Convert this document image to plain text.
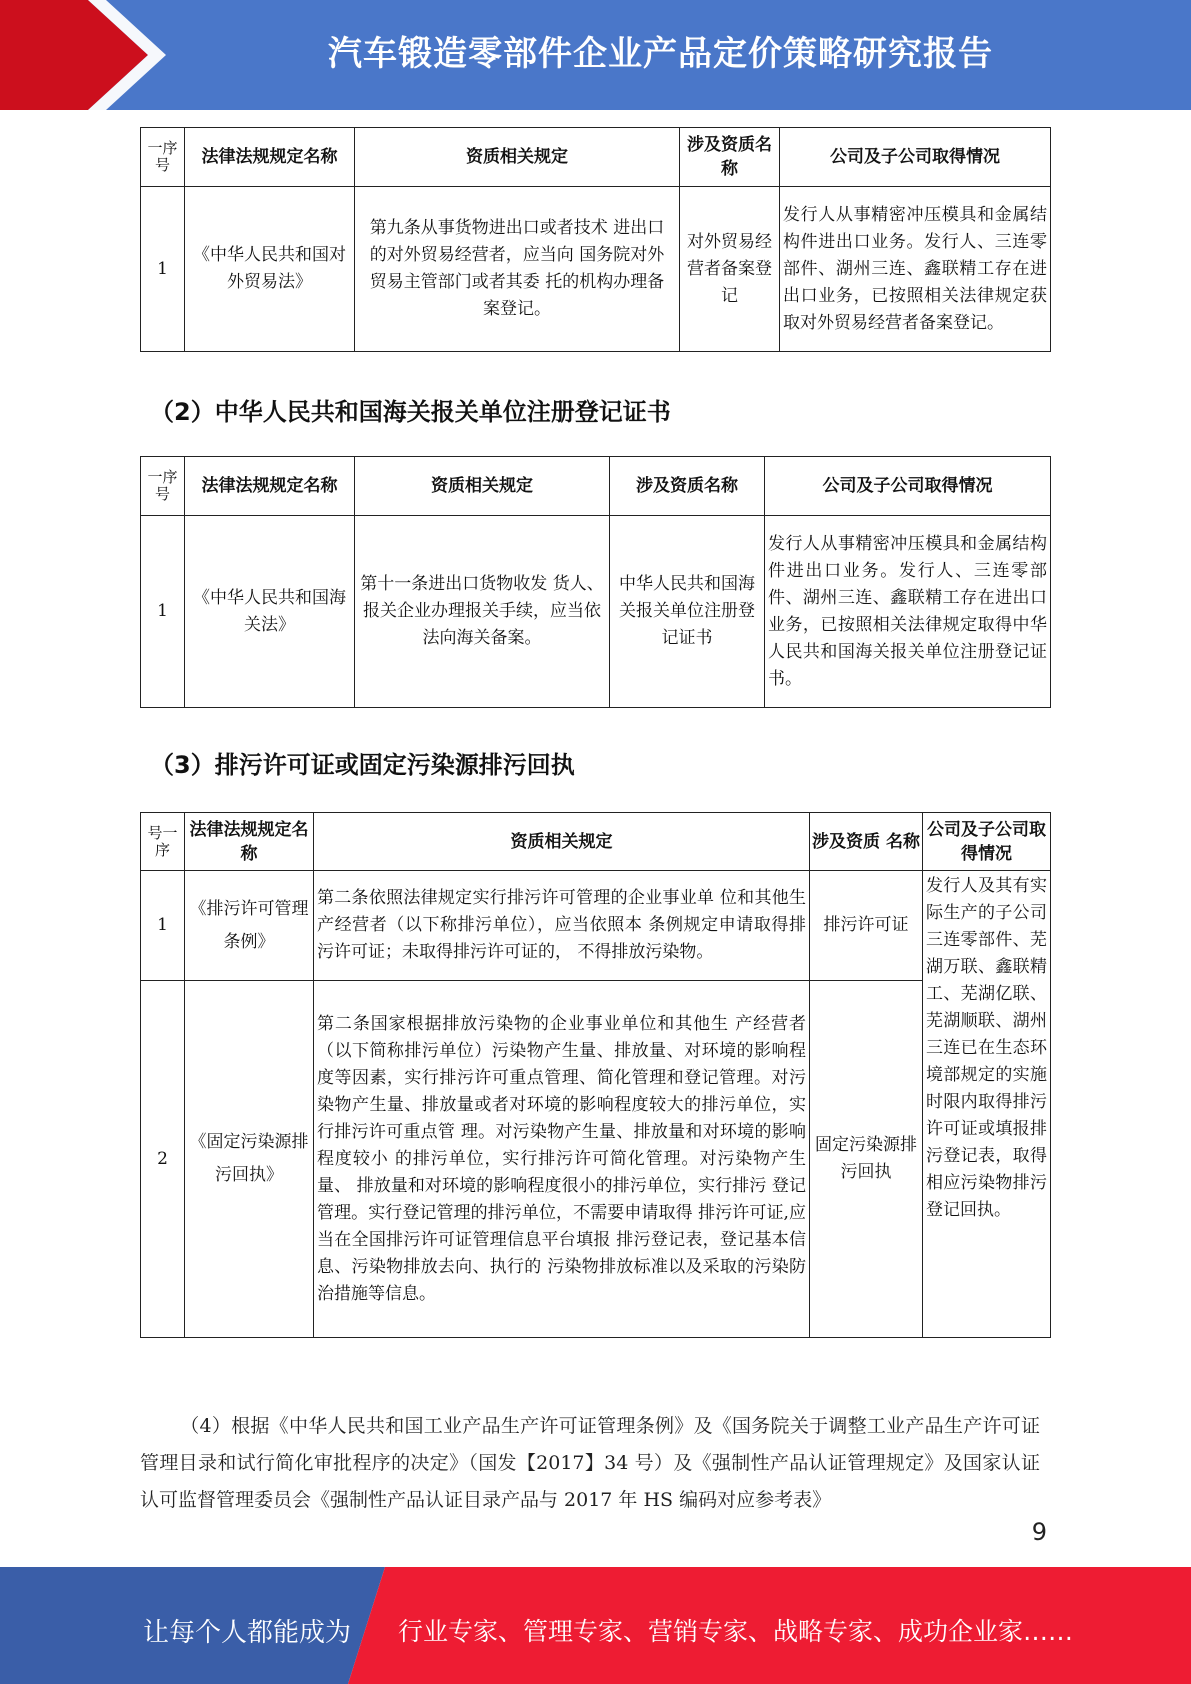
汽车锻造零部件企业产品定价策略研究报告
一序号	法律法规规定名称	资质相关规定	涉及资质名称	公司及子公司取得情况
1	《中华人民共和国对外贸易法》	第九条从事货物进出口或者技术 进出口的对外贸易经营者，应当向 国务院对外贸易主管部门或者其委 托的机构办理备案登记。	对外贸易经营者备案登记	发行人从事精密冲压模具和金属结构件进出口业务。发行人、三连零部件、湖州三连、鑫联精工存在进出口业务，已按照相关法律规定获取对外贸易经营者备案登记。
（2）中华人民共和国海关报关单位注册登记证书
一序号	法律法规规定名称	资质相关规定	涉及资质名称	公司及子公司取得情况
1	《中华人民共和国海关法》	第十一条进出口货物收发 货人、报关企业办理报关手续，应当依法向海关备案。	中华人民共和国海关报关单位注册登记证书	发行人从事精密冲压模具和金属结构件进出口业务。发行人、三连零部件、湖州三连、鑫联精工存在进出口业务，已按照相关法律规定取得中华人民共和国海关报关单位注册登记证书。
（3）排污许可证或固定污染源排污回执
号一序	法律法规规定名称	资质相关规定	涉及资质 名称	公司及子公司取得情况
1	《排污许可管理条例》	第二条依照法律规定实行排污许可管理的企业事业单 位和其他生产经营者（以下称排污单位），应当依照本 条例规定申请取得排污许可证；未取得排污许可证的， 不得排放污染物。	排污许可证	发行人及其有实际生产的子公司三连零部件、芜湖万联、鑫联精工、芜湖亿联、芜湖顺联、湖州三连已在生态环境部规定的实施时限内取得排污许可证或填报排污登记表，取得相应污染物排污登记回执。
2	《固定污染源排污回执》	第二条国家根据排放污染物的企业事业单位和其他生 产经营者（以下简称排污单位）污染物产生量、排放量、对环境的影响程度等因素，实行排污许可重点管理、简化管理和登记管理。对污染物产生量、排放量或者对环境的影响程度较大的排污单位，实行排污许可重点管 理。对污染物产生量、排放量和对环境的影响程度较小 的排污单位，实行排污许可简化管理。对污染物产生量、 排放量和对环境的影响程度很小的排污单位，实行排污 登记管理。实行登记管理的排污单位，不需要申请取得 排污许可证,应当在全国排污许可证管理信息平台填报 排污登记表，登记基本信息、污染物排放去向、执行的 污染物排放标准以及采取的污染防治措施等信息。	固定污染源排污回执	

（4）根据《中华人民共和国工业产品生产许可证管理条例》及《国务院关于调整工业产品生产许可证管理目录和试行简化审批程序的决定》（国发【2017】34 号）及《强制性产品认证管理规定》及国家认证认可监督管理委员会《强制性产品认证目录产品与 2017 年 HS 编码对应参考表》

9
让每个人都能成为 行业专家、管理专家、营销专家、战略专家、成功企业家……
